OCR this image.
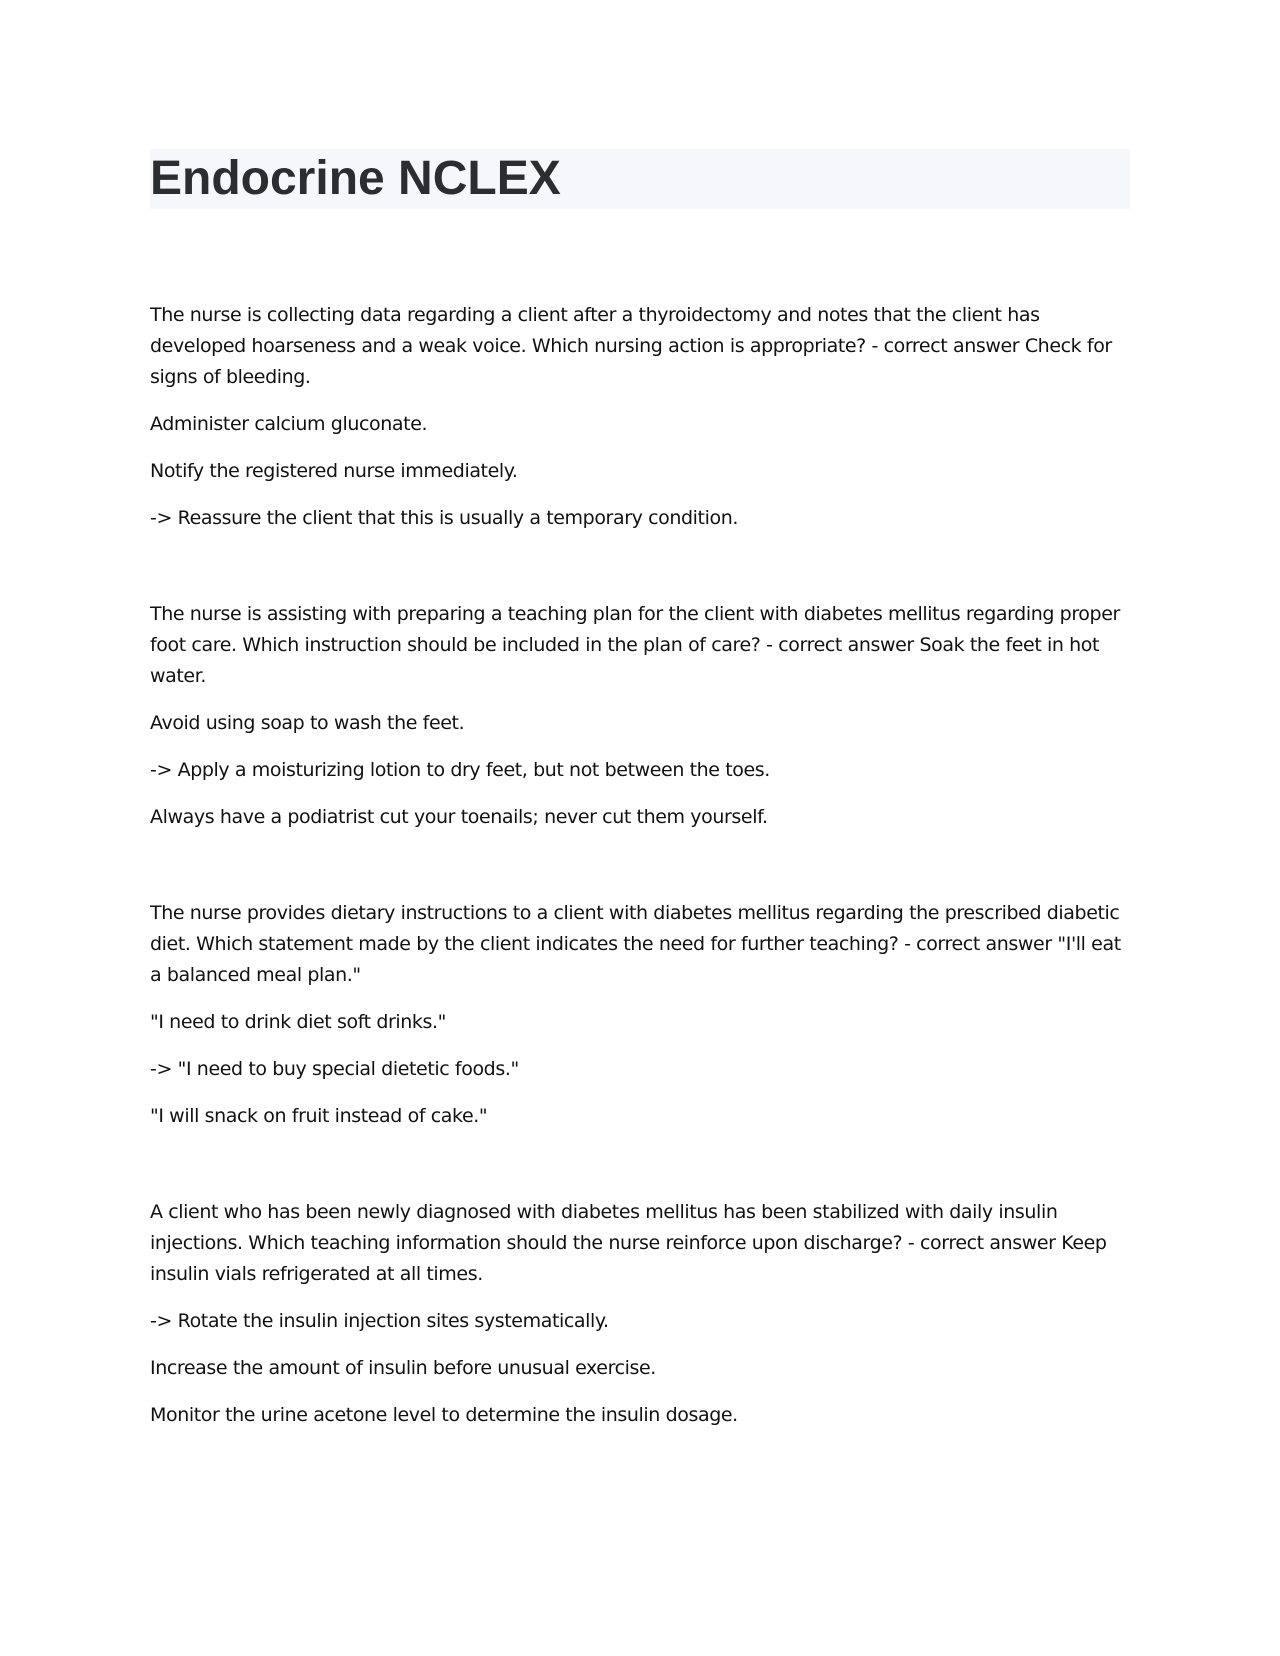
Endocrine NCLEX

The nurse is collecting data regarding a client after a thyroidectomy and notes that the client has developed hoarseness and a weak voice. Which nursing action is appropriate? - correct answer Check for signs of bleeding.

Administer calcium gluconate.

Notify the registered nurse immediately.

-> Reassure the client that this is usually a temporary condition.

The nurse is assisting with preparing a teaching plan for the client with diabetes mellitus regarding proper foot care. Which instruction should be included in the plan of care? - correct answer Soak the feet in hot water.

Avoid using soap to wash the feet.

-> Apply a moisturizing lotion to dry feet, but not between the toes.

Always have a podiatrist cut your toenails; never cut them yourself.

The nurse provides dietary instructions to a client with diabetes mellitus regarding the prescribed diabetic diet. Which statement made by the client indicates the need for further teaching? - correct answer "I'll eat a balanced meal plan."

"I need to drink diet soft drinks."

-> "I need to buy special dietetic foods."

"I will snack on fruit instead of cake."

A client who has been newly diagnosed with diabetes mellitus has been stabilized with daily insulin injections. Which teaching information should the nurse reinforce upon discharge? - correct answer Keep insulin vials refrigerated at all times.

-> Rotate the insulin injection sites systematically.

Increase the amount of insulin before unusual exercise.

Monitor the urine acetone level to determine the insulin dosage.
